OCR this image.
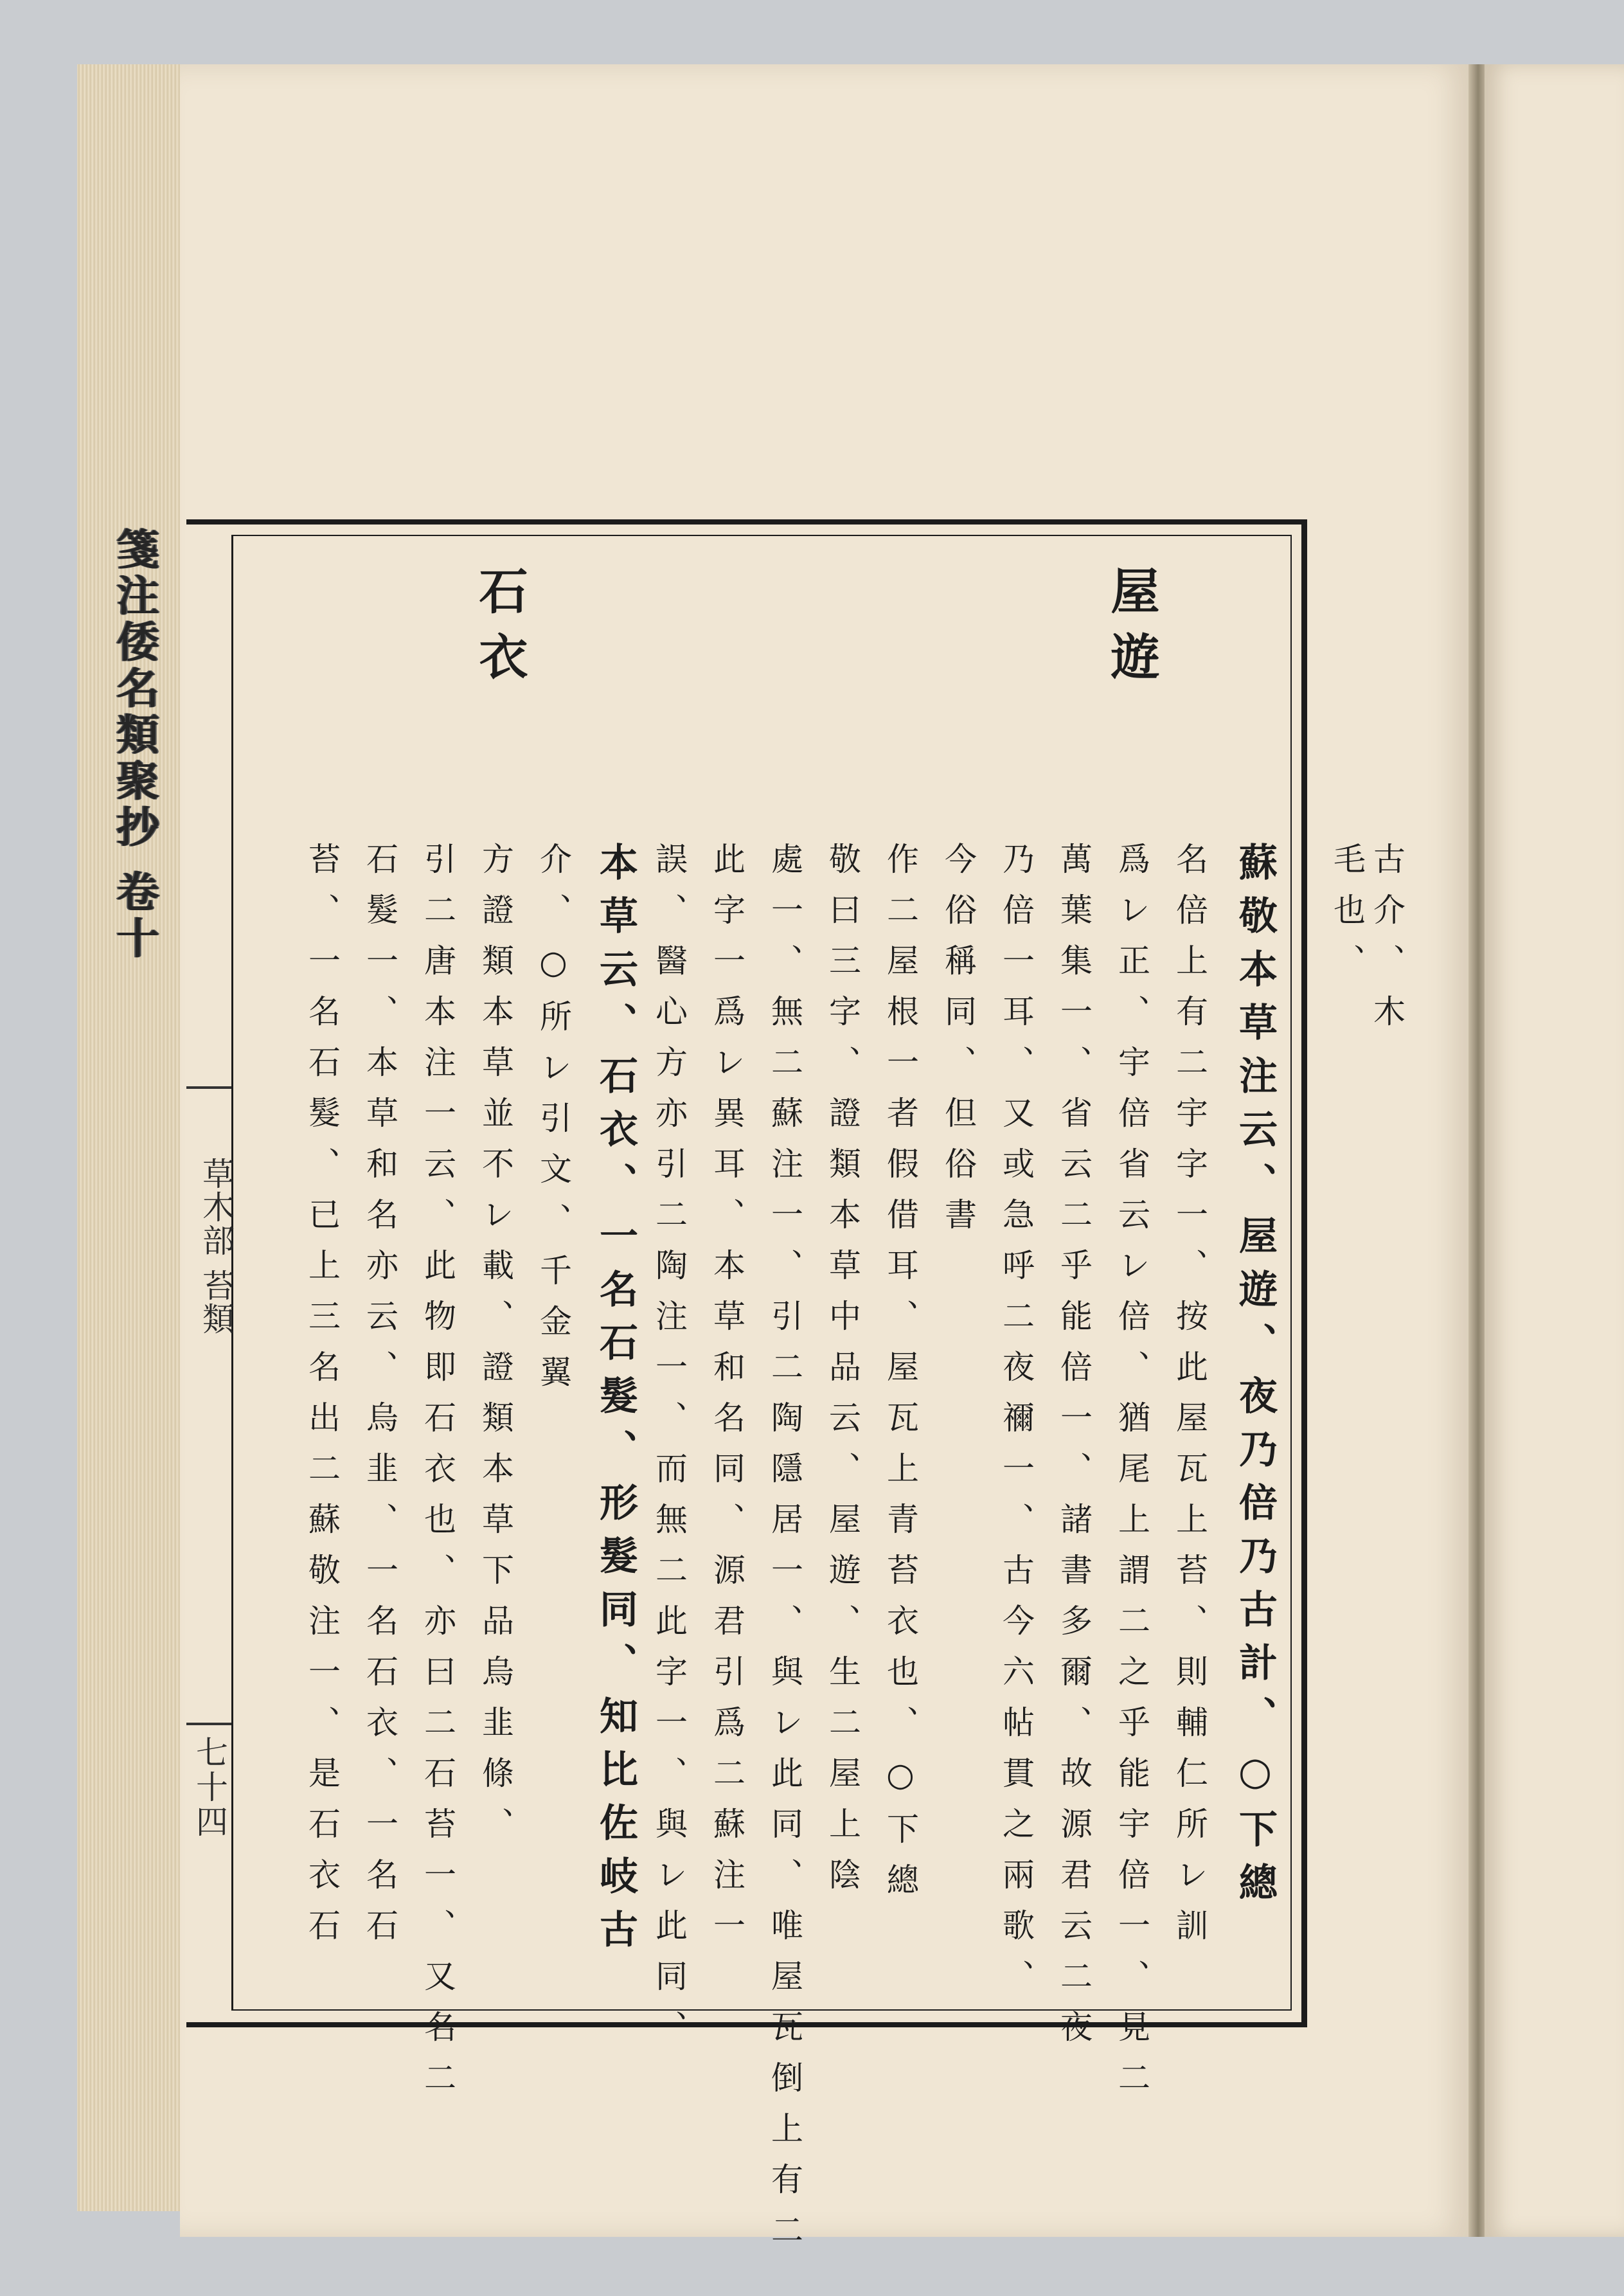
箋注倭名類聚抄 卷十
草木部 苔類
七十四
屋遊
石衣
古介、木
毛也、
蘇敬本草注云、屋遊、夜乃倍乃古計、○下總
名倍上有二宇字一、按此屋瓦上苔、則輔仁所レ訓
爲レ正、宇倍省云レ倍、猶尾上謂二之乎能宇倍一、見二
萬葉集一、省云二乎能倍一、諸書多爾、故源君云二夜
乃倍一耳、又或急呼二夜禰一、古今六帖貫之兩歌、
今俗稱同、但俗書
作二屋根一者假借耳、屋瓦上青苔衣也、○下總
敬曰三字、證類本草中品云、屋遊、生二屋上陰
處一、無二蘇注一、引二陶隱居一、與レ此同、唯屋瓦倒上有二
此字一爲レ異耳、本草和名同、源君引爲二蘇注一
誤、醫心方亦引二陶注一、而無二此字一、與レ此同、
本草云、石衣、一名石髮、形髮同、知比佐岐古
介、○所レ引文、千金翼
方證類本草並不レ載、證類本草下品烏韭條、
引二唐本注一云、此物即石衣也、亦曰二石苔一、又名二
石髮一、本草和名亦云、烏韭、一名石衣、一名石
苔、一名石髮、已上三名出二蘇敬注一、是石衣石
